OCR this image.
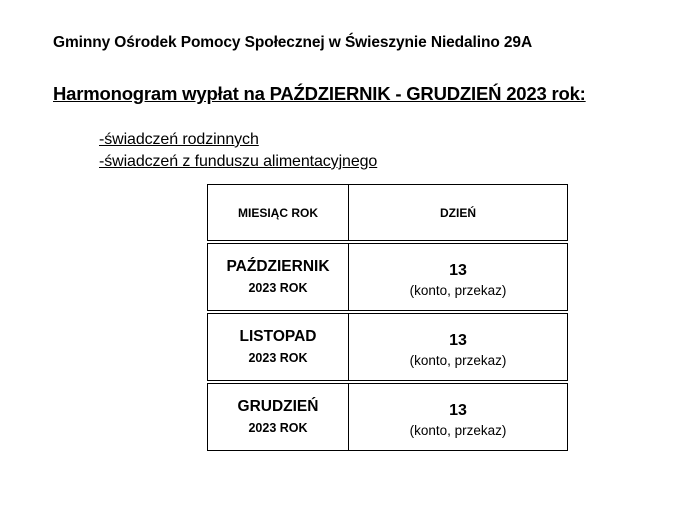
Gminny Ośrodek Pomocy Społecznej w Świeszynie Niedalino 29A
Harmonogram wypłat na PAŹDZIERNIK - GRUDZIEŃ 2023 rok:
-świadczeń rodzinnych
-świadczeń z funduszu alimentacyjnego
MIESIĄC ROK	DZIEŃ

PAŹDZIERNIK
2023 ROK	13
(konto, przekaz)

LISTOPAD
2023 ROK	13
(konto, przekaz)

GRUDZIEŃ
2023 ROK	13
(konto, przekaz)
